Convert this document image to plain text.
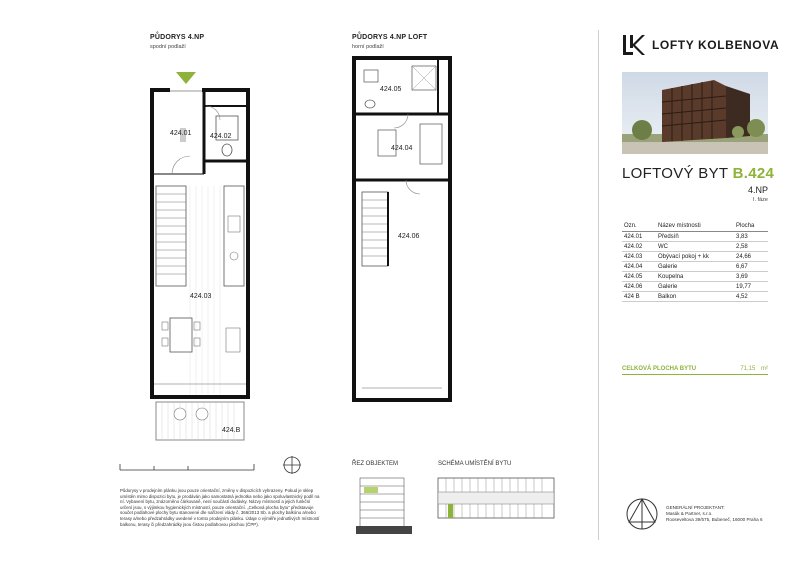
PŮDORYS 4.NP
spodní podlaží
424.01	424.02
424.03
424.B
PŮDORYS 4.NP LOFT
horní podlaží
424.05
424.04
424.06
Půdorysy v prodejním plánku jsou pouze orientační, změny v dispozicích vyhrazeny. Pokud je sklep umístěn mimo dispozici bytu, je prodáván jako samostatná jednotka nebo jako spoluvlastnický podíl na ní. Vybavení bytu, znázorněno čárkovaně, není součástí dodávky. Názvy místností a jejich funkční určení jsou, s výjimkou hygienických místností, pouze orientační. „Celková plocha bytu“ představuje součet podlahové plochy bytu stanovené dle nařízení vlády č. 366/2013 Sb. a plochy balkónu a/nebo terasy a/nebo předzahrádky uvedené v tomto prodejním plánku. Údaje o výměře jednotlivých místností balkonu, terasy či předzahrádky jsou čistou podlahovou plochou (ČPP).
ŘEZ OBJEKTEM	SCHÉMA UMÍSTĚNÍ BYTU
LOFTY KOLBENOVA
LOFTOVÝ BYT B.424
4.NP
I. fáze
Ozn.	Název místnosti	Plocha
424.01	Předsíň	3,83
424.02	WC	2,58
424.03	Obývací pokoj + kk	24,66
424.04	Galerie	6,67
424.05	Koupelna	3,69
424.06	Galerie	19,77
424 B	Balkon	4,52
CELKOVÁ PLOCHA BYTU	71,15 m²
GENERÁLNÍ PROJEKTANT:
Masák & Partner, s.r.o.
Rooseveltova 39/575, Bubeneč, 16000 Praha 6
